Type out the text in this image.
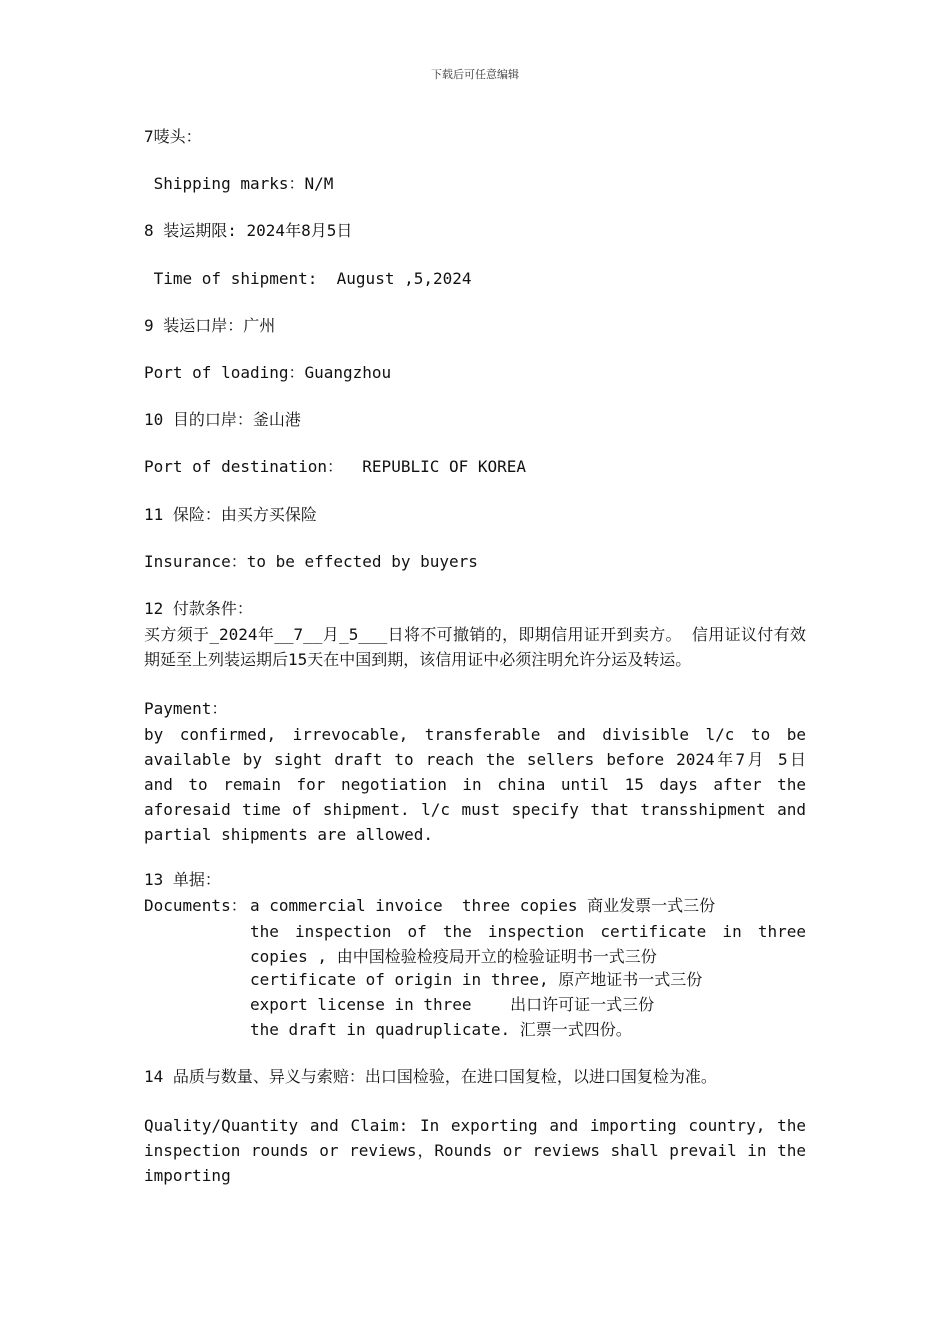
下载后可任意编辑
7唛头：
Shipping marks：N/M
8 装运期限: 2024年8月5日
Time of shipment:  August ,5,2024
9 装运口岸：广州
Port of loading：Guangzhou
10 目的口岸：釜山港
Port of destination：  REPUBLIC OF KOREA
11 保险：由买方买保险
Insurance：to be effected by buyers
12 付款条件：
买方须于_2024年__7__月_5___日将不可撤销的，即期信用证开到卖方。 信用证议付有效期延至上列装运期后15天在中国到期，该信用证中必须注明允许分运及转运。
Payment：
by confirmed, irrevocable, transferable and divisible l/c to be available by sight draft to reach the sellers before 2024年7月 5日 and to remain for negotiation in china until 15 days after the aforesaid time of shipment. l/c must specify that transshipment and partial shipments are allowed.
13 单据：
Documents： a commercial invoice  three copies 商业发票一式三份
the inspection of the inspection certificate in three copies , 由中国检验检疫局开立的检验证明书一式三份
certificate of origin in three, 原产地证书一式三份
export license in three    出口许可证一式三份
the draft in quadruplicate. 汇票一式四份。
14 品质与数量、异义与索赔：出口国检验，在进口国复检，以进口国复检为准。
Quality/Quantity and Claim: In exporting and importing country, the inspection rounds or reviews，Rounds or reviews shall prevail in the importing
